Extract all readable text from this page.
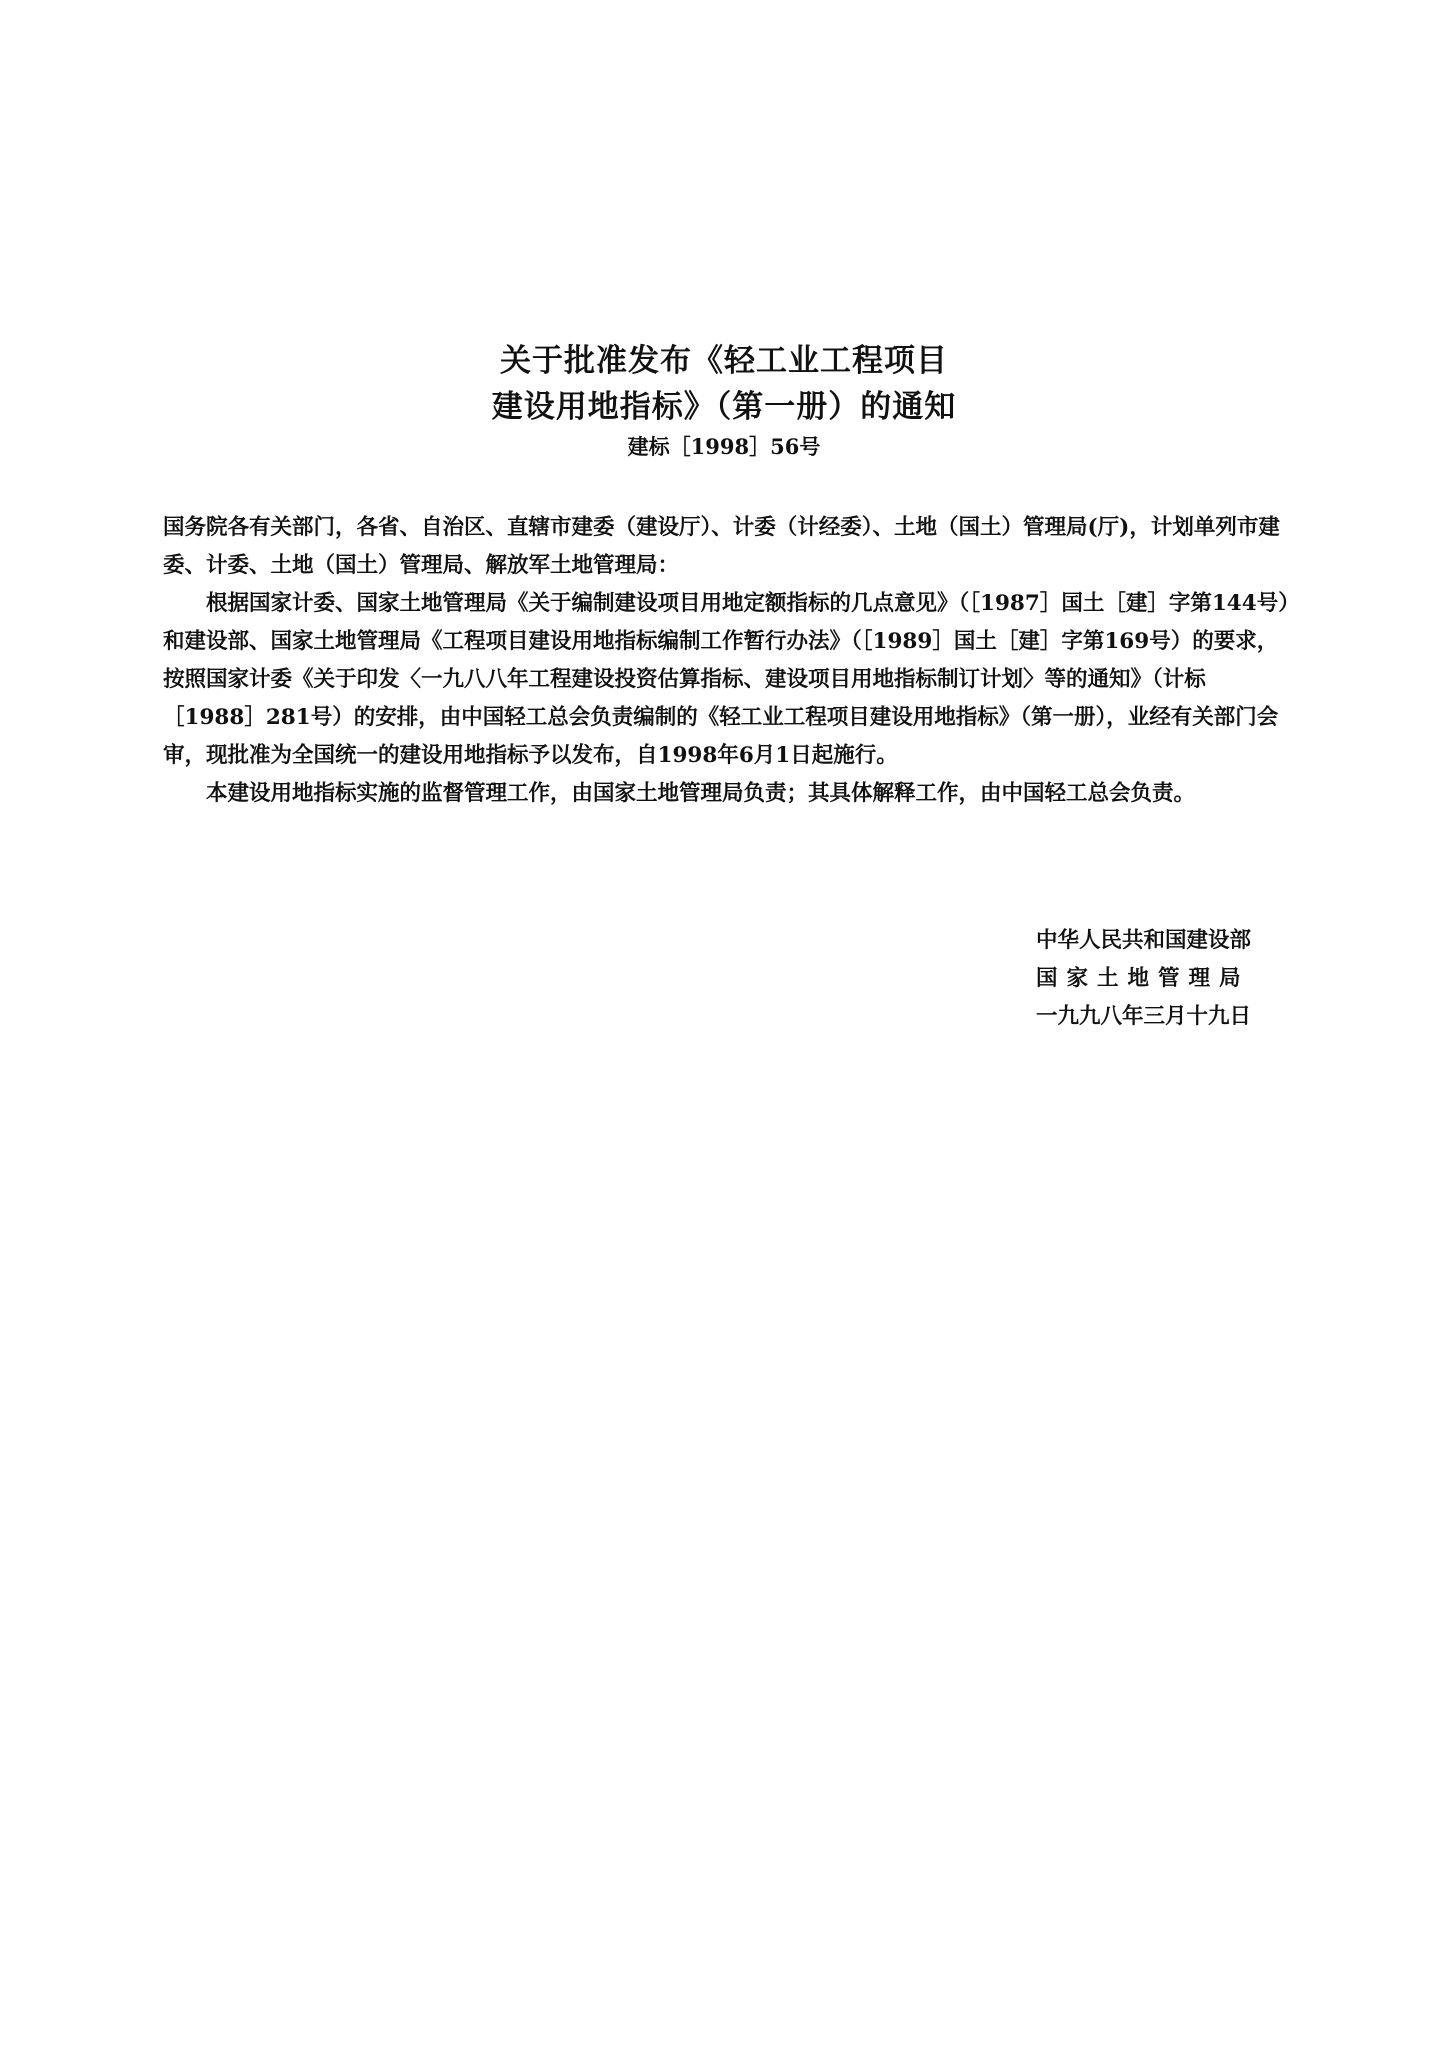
关于批准发布《轻工业工程项目
建设用地指标》（第一册）的通知
建标［1998］56号

国务院各有关部门，各省、自治区、直辖市建委（建设厅）、计委（计经委）、土地（国土）管理局(厅)，计划单列市建委、计委、土地（国土）管理局、解放军土地管理局：

根据国家计委、国家土地管理局《关于编制建设项目用地定额指标的几点意见》（［1987］国土［建］字第144号）和建设部、国家土地管理局《工程项目建设用地指标编制工作暂行办法》（［1989］国土［建］字第169号）的要求，按照国家计委《关于印发〈一九八八年工程建设投资估算指标、建设项目用地指标制订计划〉等的通知》（计标［1988］281号）的安排，由中国轻工总会负责编制的《轻工业工程项目建设用地指标》（第一册），业经有关部门会审，现批准为全国统一的建设用地指标予以发布，自1998年6月1日起施行。

本建设用地指标实施的监督管理工作，由国家土地管理局负责；其具体解释工作，由中国轻工总会负责。

中华人民共和国建设部
国家土地管理局
一九九八年三月十九日
